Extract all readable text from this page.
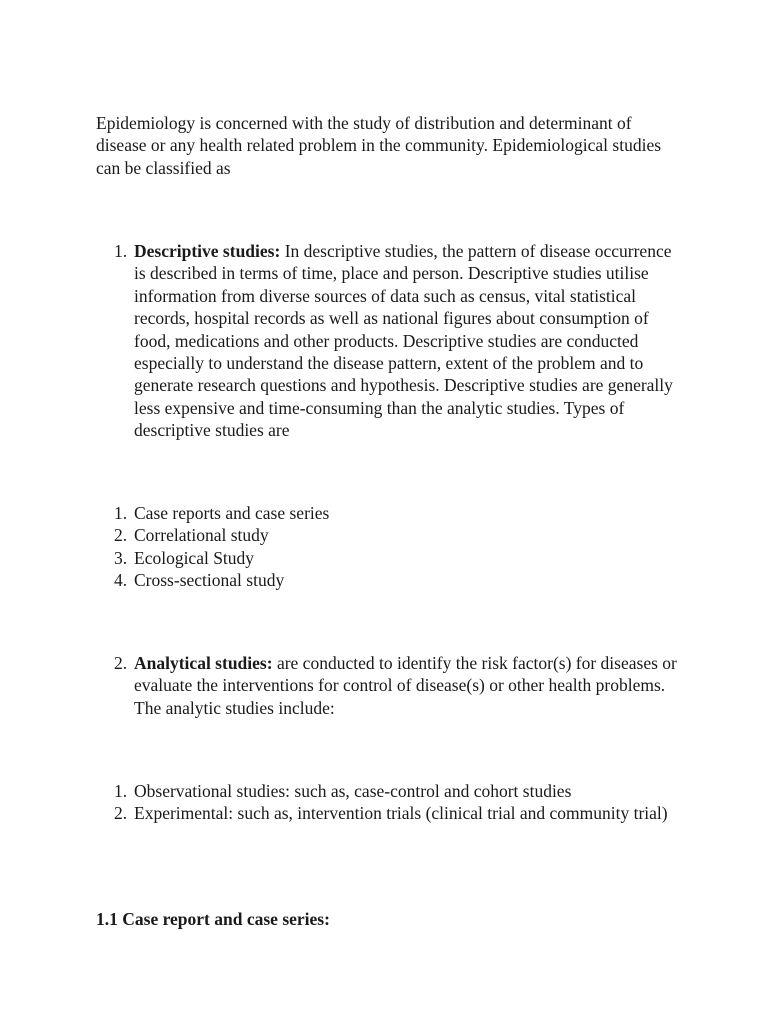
Epidemiology is concerned with the study of distribution and determinant of disease or any health related problem in the community. Epidemiological studies can be classified as

1. Descriptive studies: In descriptive studies, the pattern of disease occurrence is described in terms of time, place and person. Descriptive studies utilise information from diverse sources of data such as census, vital statistical records, hospital records as well as national figures about consumption of food, medications and other products. Descriptive studies are conducted especially to understand the disease pattern, extent of the problem and to generate research questions and hypothesis. Descriptive studies are generally less expensive and time-consuming than the analytic studies. Types of descriptive studies are
1. Case reports and case series
2. Correlational study
3. Ecological Study
4. Cross-sectional study
2. Analytical studies: are conducted to identify the risk factor(s) for diseases or evaluate the interventions for control of disease(s) or other health problems. The analytic studies include:
1. Observational studies: such as, case-control and cohort studies
2. Experimental: such as, intervention trials (clinical trial and community trial)

1.1 Case report and case series:
